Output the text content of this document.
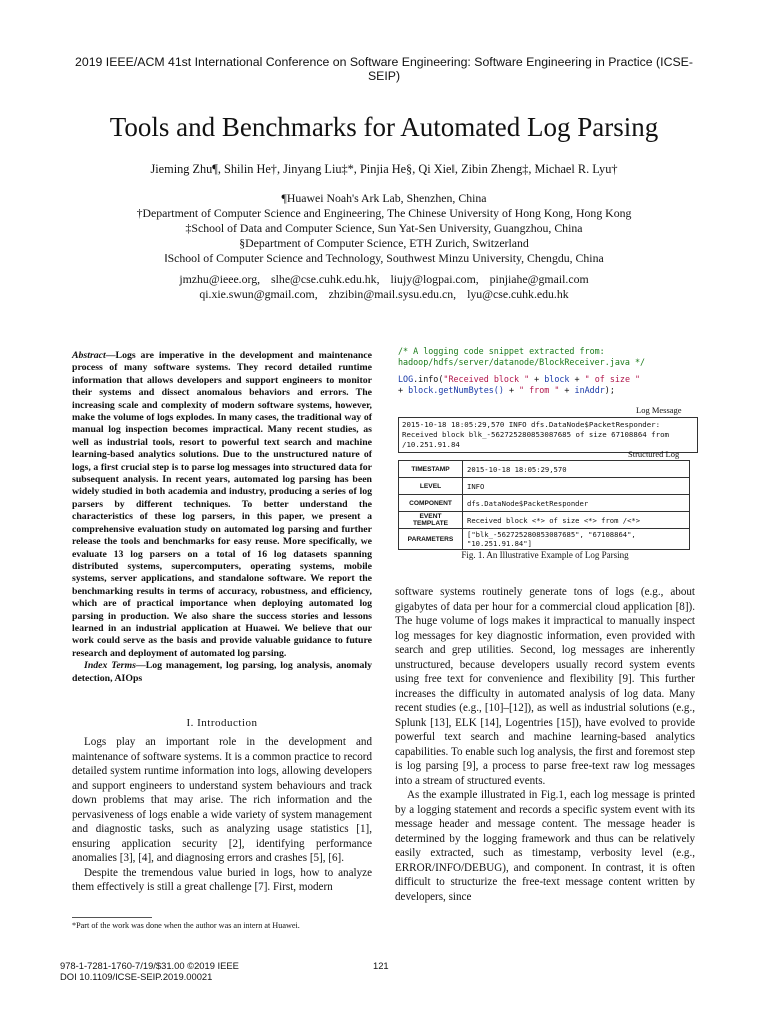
2019 IEEE/ACM 41st International Conference on Software Engineering: Software Engineering in Practice (ICSE-SEIP)
Tools and Benchmarks for Automated Log Parsing
Jieming Zhu¶, Shilin He†, Jinyang Liu‡*, Pinjia He§, Qi Xie‖, Zibin Zheng‡, Michael R. Lyu†
¶Huawei Noah's Ark Lab, Shenzhen, China
†Department of Computer Science and Engineering, The Chinese University of Hong Kong, Hong Kong
‡School of Data and Computer Science, Sun Yat-Sen University, Guangzhou, China
§Department of Computer Science, ETH Zurich, Switzerland
‖School of Computer Science and Technology, Southwest Minzu University, Chengdu, China
jmzhu@ieee.org, slhe@cse.cuhk.edu.hk, liujy@logpai.com, pinjiahe@gmail.com
qi.xie.swun@gmail.com, zhzibin@mail.sysu.edu.cn, lyu@cse.cuhk.edu.hk
Abstract—Logs are imperative in the development and maintenance process of many software systems. They record detailed runtime information that allows developers and support engineers to monitor their systems and dissect anomalous behaviors and errors. The increasing scale and complexity of modern software systems, however, make the volume of logs explodes. In many cases, the traditional way of manual log inspection becomes impractical. Many recent studies, as well as industrial tools, resort to powerful text search and machine learning-based analytics solutions. Due to the unstructured nature of logs, a first crucial step is to parse log messages into structured data for subsequent analysis. In recent years, automated log parsing has been widely studied in both academia and industry, producing a series of log parsers by different techniques. To better understand the characteristics of these log parsers, in this paper, we present a comprehensive evaluation study on automated log parsing and further release the tools and benchmarks for easy reuse. More specifically, we evaluate 13 log parsers on a total of 16 log datasets spanning distributed systems, supercomputers, operating systems, mobile systems, server applications, and standalone software. We report the benchmarking results in terms of accuracy, robustness, and efficiency, which are of practical importance when deploying automated log parsing in production. We also share the success stories and lessons learned in an industrial application at Huawei. We believe that our work could serve as the basis and provide valuable guidance to future research and deployment of automated log parsing.
Index Terms—Log management, log parsing, log analysis, anomaly detection, AIOps
I. Introduction

Logs play an important role in the development and maintenance of software systems. It is a common practice to record detailed system runtime information into logs, allowing developers and support engineers to understand system behaviours and track down problems that may arise. The rich information and the pervasiveness of logs enable a wide variety of system management and diagnostic tasks, such as analyzing usage statistics [1], ensuring application security [2], identifying performance anomalies [3], [4], and diagnosing errors and crashes [5], [6].

Despite the tremendous value buried in logs, how to analyze them effectively is still a great challenge [7]. First, modern

*Part of the work was done when the author was an intern at Huawei.
/* A logging code snippet extracted from:
hadoop/hdfs/server/datanode/BlockReceiver.java */
LOG.info("Received block " + block + " of size "
+ block.getNumBytes() + " from " + inAddr);
Log Message
2015-10-18 18:05:29,570 INFO dfs.DataNode$PacketResponder: Received block blk_-562725280853087685 of size 67108864 from /10.251.91.84
Structured Log
TIMESTAMP	2015-10-18 18:05:29,570
LEVEL	INFO
COMPONENT	dfs.DataNode$PacketResponder
EVENT TEMPLATE	Received block <*> of size <*> from /<*>
PARAMETERS	["blk_-562725280853087685", "67108864", "10.251.91.84"]
Fig. 1. An Illustrative Example of Log Parsing

software systems routinely generate tons of logs (e.g., about gigabytes of data per hour for a commercial cloud application [8]). The huge volume of logs makes it impractical to manually inspect log messages for key diagnostic information, even provided with search and grep utilities. Second, log messages are inherently unstructured, because developers usually record system events using free text for convenience and flexibility [9]. This further increases the difficulty in automated analysis of log data. Many recent studies (e.g., [10]–[12]), as well as industrial solutions (e.g., Splunk [13], ELK [14], Logentries [15]), have evolved to provide powerful text search and machine learning-based analytics capabilities. To enable such log analysis, the first and foremost step is log parsing [9], a process to parse free-text raw log messages into a stream of structured events.

As the example illustrated in Fig.1, each log message is printed by a logging statement and records a specific system event with its message header and message content. The message header is determined by the logging framework and thus can be relatively easily extracted, such as timestamp, verbosity level (e.g., ERROR/INFO/DEBUG), and component. In contrast, it is often difficult to structurize the free-text message content written by developers, since

978-1-7281-1760-7/19/$31.00 ©2019 IEEE
DOI 10.1109/ICSE-SEIP.2019.00021
121
